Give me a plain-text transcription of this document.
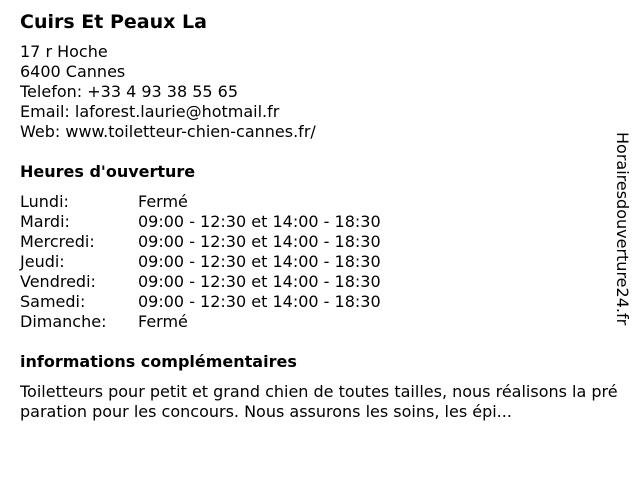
Cuirs Et Peaux La
17 r Hoche
6400 Cannes
Telefon: +33 4 93 38 55 65
Email: laforest.laurie@hotmail.fr
Web: www.toiletteur-chien-cannes.fr/
Heures d'ouverture
Lundi:	Fermé
Mardi:	09:00 - 12:30 et 14:00 - 18:30
Mercredi:	09:00 - 12:30 et 14:00 - 18:30
Jeudi:	09:00 - 12:30 et 14:00 - 18:30
Vendredi:	09:00 - 12:30 et 14:00 - 18:30
Samedi:	09:00 - 12:30 et 14:00 - 18:30
Dimanche:	Fermé
informations complémentaires
Toiletteurs pour petit et grand chien de toutes tailles, nous réalisons la préparation pour les concours. Nous assurons les soins, les épi...
Horairesdouverture24.fr
